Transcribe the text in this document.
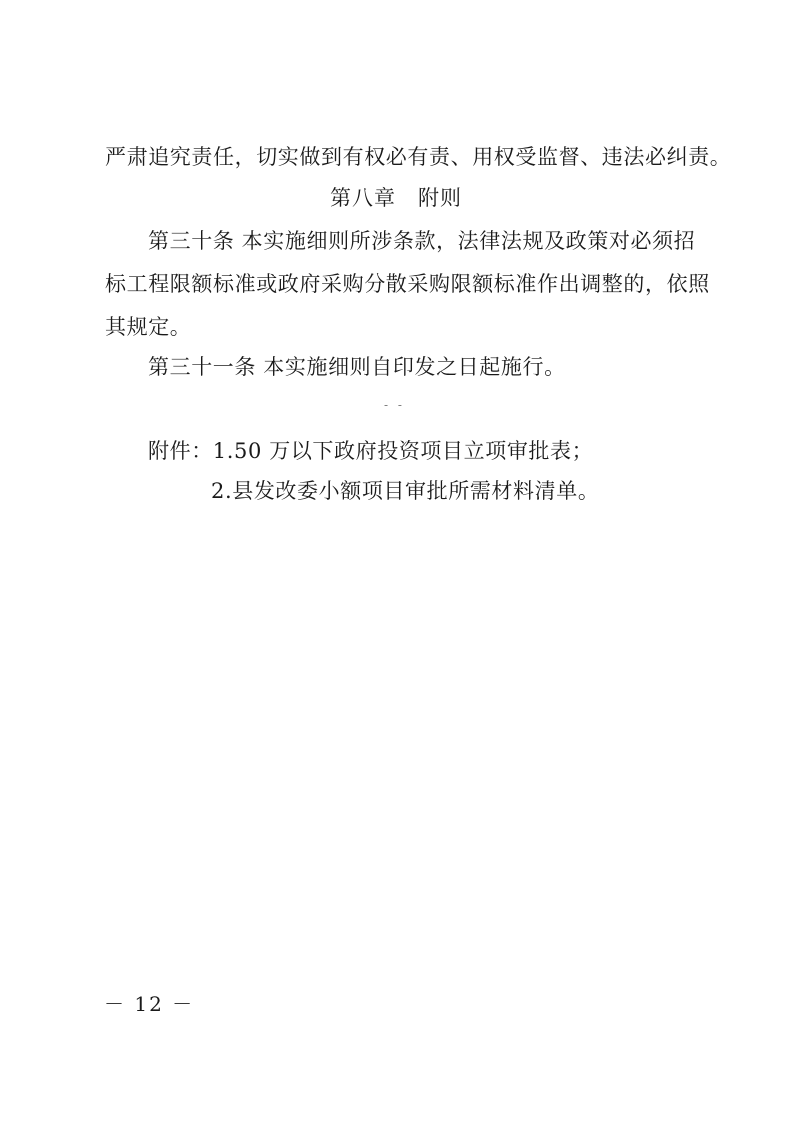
严肃追究责任，切实做到有权必有责、用权受监督、违法必纠责。
第八章　附则
第三十条 本实施细则所涉条款，法律法规及政策对必须招
标工程限额标准或政府采购分散采购限额标准作出调整的，依照
其规定。
第三十一条 本实施细则自印发之日起施行。
- -
附件：1.50 万以下政府投资项目立项审批表；
2.县发改委小额项目审批所需材料清单。
－ 12 －
